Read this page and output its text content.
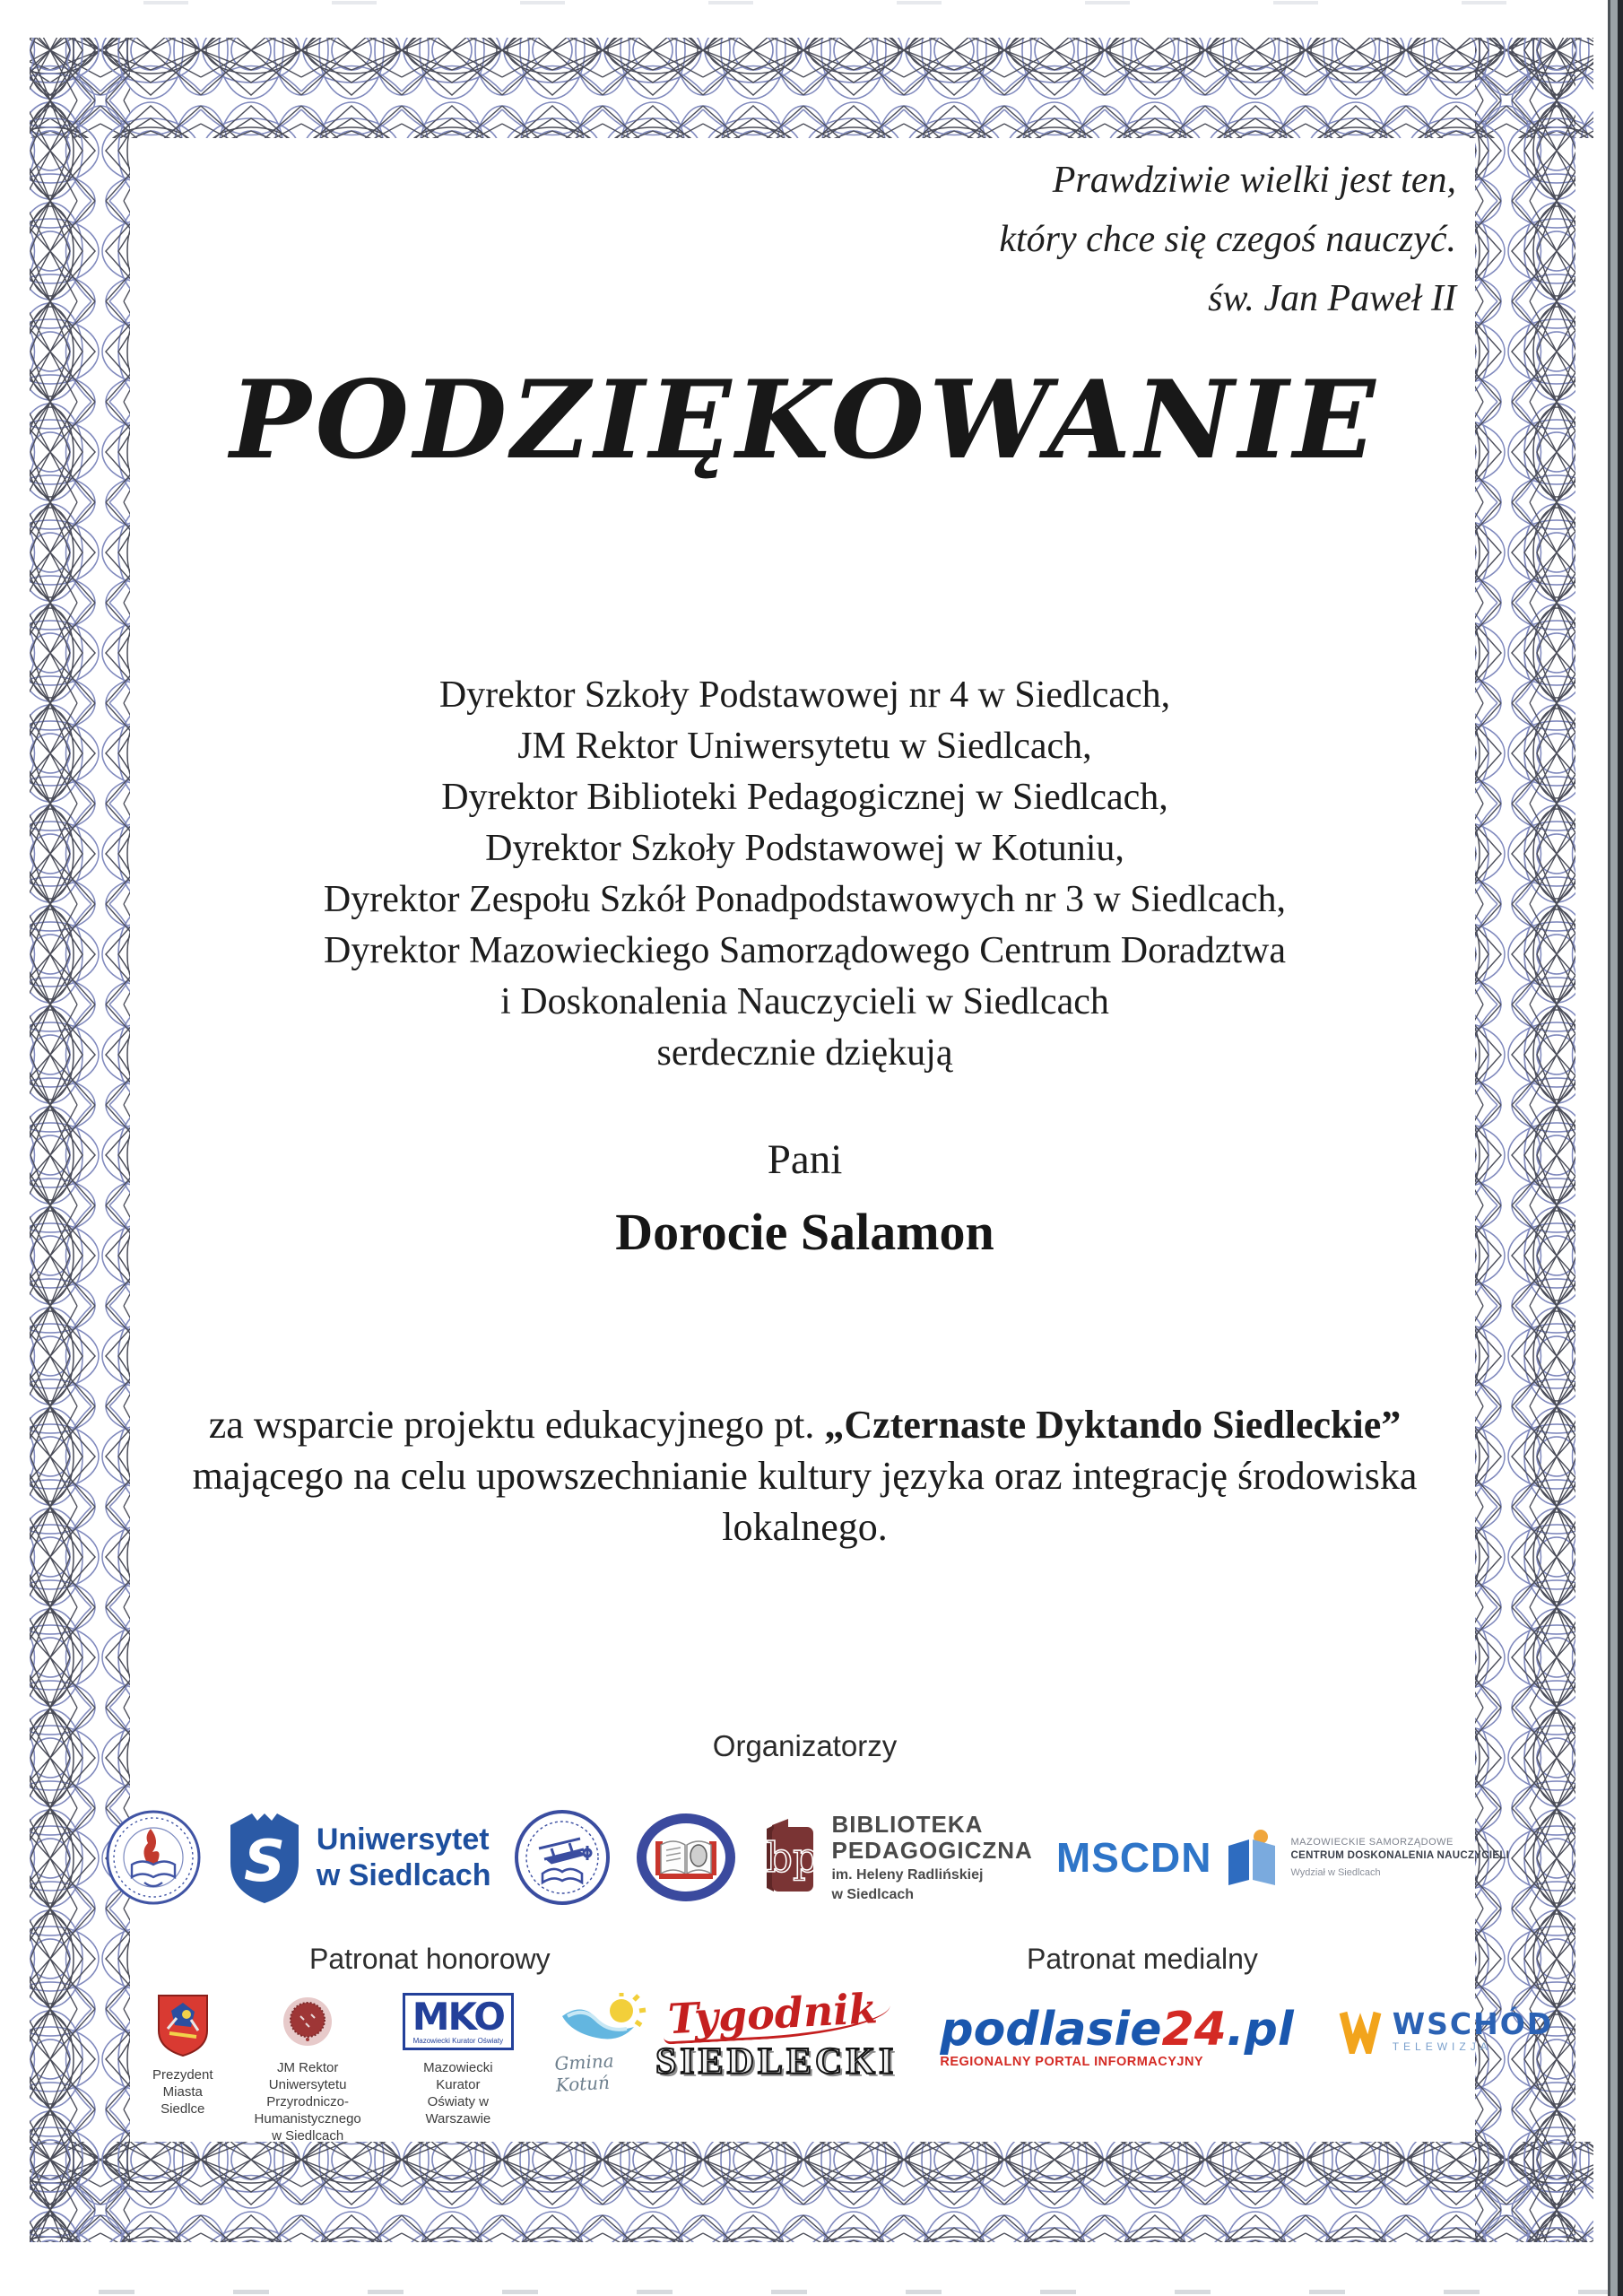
Prawdziwie wielki jest ten,
który chce się czegoś nauczyć.
św. Jan Paweł II
PODZIĘKOWANIE
Dyrektor Szkoły Podstawowej nr 4 w Siedlcach,
JM Rektor Uniwersytetu w Siedlcach,
Dyrektor Biblioteki Pedagogicznej w Siedlcach,
Dyrektor Szkoły Podstawowej w Kotuniu,
Dyrektor Zespołu Szkół Ponadpodstawowych nr 3 w Siedlcach,
Dyrektor Mazowieckiego Samorządowego Centrum Doradztwa
i Doskonalenia Nauczycieli w Siedlcach
serdecznie dziękują
Pani
Dorocie Salamon
za wsparcie projektu edukacyjnego pt. „Czternaste Dyktando Siedleckie” mającego na celu upowszechnianie kultury języka oraz integrację środowiska lokalnego.
Organizatorzy
S Uniwersytet
w Siedlcach	bp
BIBLIOTEKA
PEDAGOGICZNA
im. Heleny Radlińskiej
w Siedlcach
MSCDN	MAZOWIECKIE SAMORZĄDOWE
CENTRUM DOSKONALENIA NAUCZYCIELI
Wydział w Siedlcach
Patronat honorowy	Patronat medialny
Prezydent Miasta Siedlce
JM Rektor Uniwersytetu
Przyrodniczo-Humanistycznego
w Siedlcach
MKO
Mazowiecki Kurator Oświaty
Mazowiecki Kurator
Oświaty w Warszawie
Gmina Kotuń
Tygodnik
SIEDLECKI
podlasie24.pl
REGIONALNY PORTAL INFORMACYJNY
WSCHÓD
TELEWIZJA
